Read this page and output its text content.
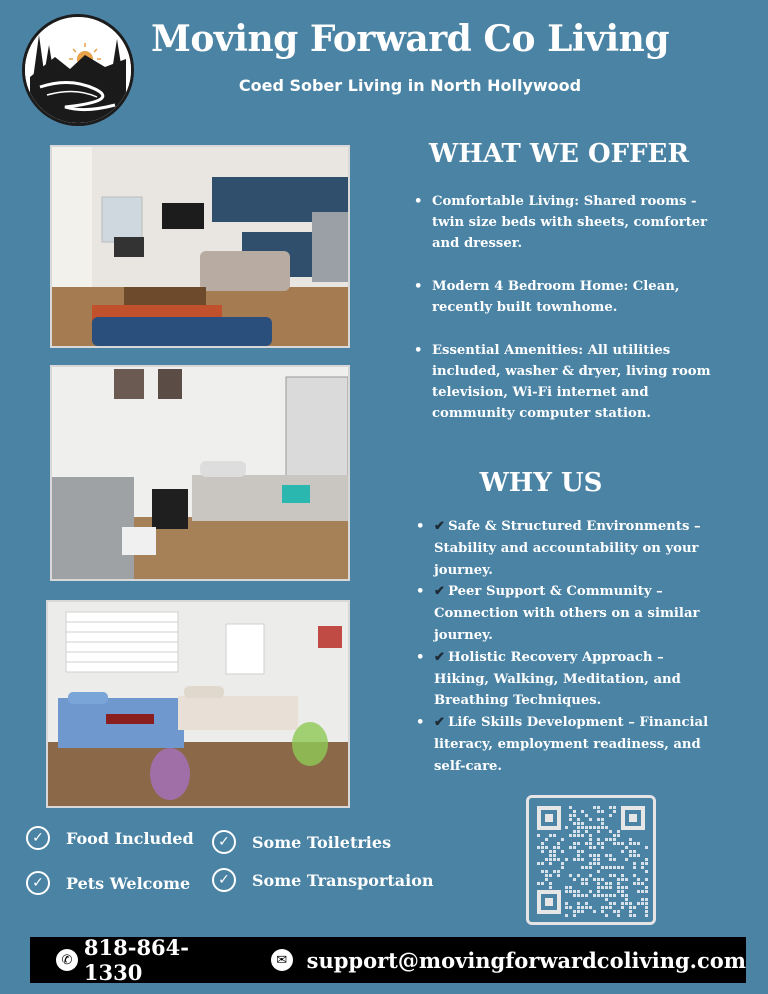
Moving Forward Co Living
Coed Sober Living in North Hollywood
WHAT WE OFFER
• Comfortable Living: Shared rooms - twin size beds with sheets, comforter and dresser.
• Modern 4 Bedroom Home: Clean, recently built townhome.
• Essential Amenities: All utilities included, washer & dryer, living room television, Wi-Fi internet and community computer station.
WHY US
• ✔ Safe & Structured Environments – Stability and accountability on your journey.
• ✔ Peer Support & Community – Connection with others on a similar journey.
• ✔ Holistic Recovery Approach – Hiking, Walking, Meditation, and Breathing Techniques.
• ✔ Life Skills Development – Financial literacy, employment readiness, and self-care.
✓	Food Included	✓	Some Toiletries
✓	Pets Welcome	✓	Some Transportaion
✆ 818-864-1330	✉ support@movingforwardcoliving.com
